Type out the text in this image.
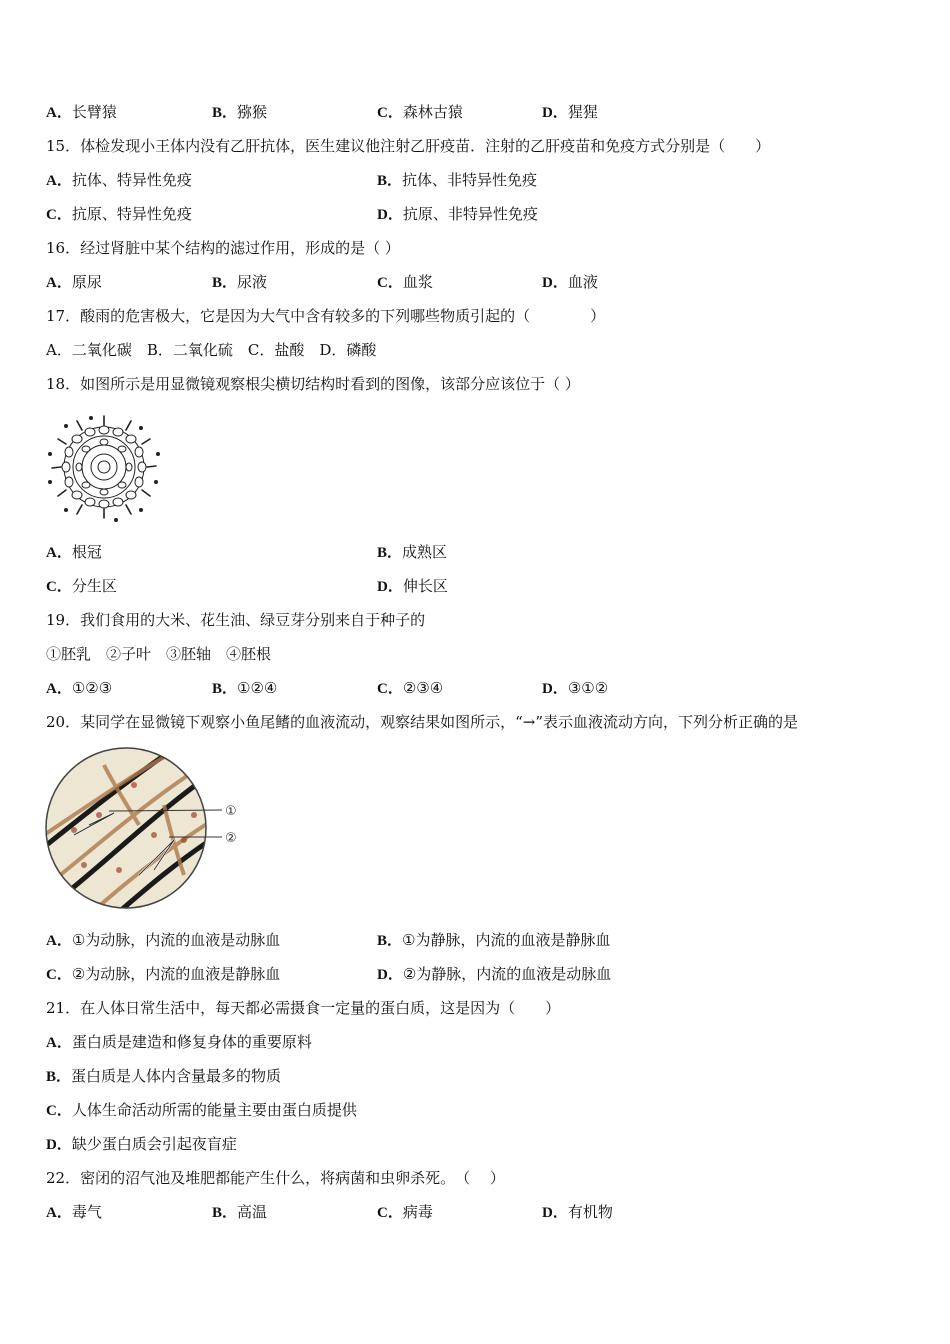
A．长臂猿	B．猕猴	C．森林古猿	D．猩猩
15．体检发现小王体内没有乙肝抗体，医生建议他注射乙肝疫苗．注射的乙肝疫苗和免疫方式分别是（　　）
A．抗体、特异性免疫	B．抗体、非特异性免疫
C．抗原、特异性免疫	D．抗原、非特异性免疫
16．经过肾脏中某个结构的滤过作用，形成的是（ ）
A．原尿	B．尿液	C．血浆	D．血液
17．酸雨的危害极大，它是因为大气中含有较多的下列哪些物质引起的（　　　　）
A．二氧化碳　B．二氧化硫　C．盐酸　D．磷酸
18．如图所示是用显微镜观察根尖横切结构时看到的图像，该部分应该位于（ ）
A．根冠	B．成熟区
C．分生区	D．伸长区
19．我们食用的大米、花生油、绿豆芽分别来自于种子的
①胚乳　②子叶　③胚轴　④胚根
A．①②③	B．①②④	C．②③④	D．③①②
20．某同学在显微镜下观察小鱼尾鳍的血液流动，观察结果如图所示，“→”表示血液流动方向，下列分析正确的是
①
②
A．①为动脉，内流的血液是动脉血	B．①为静脉，内流的血液是静脉血
C．②为动脉，内流的血液是静脉血	D．②为静脉，内流的血液是动脉血
21．在人体日常生活中，每天都必需摄食一定量的蛋白质，这是因为（　　）
A．蛋白质是建造和修复身体的重要原料
B．蛋白质是人体内含量最多的物质
C．人体生命活动所需的能量主要由蛋白质提供
D．缺少蛋白质会引起夜盲症
22．密闭的沼气池及堆肥都能产生什么，将病菌和虫卵杀死。　（　 ）
A．毒气	B．高温	C．病毒	D．有机物
